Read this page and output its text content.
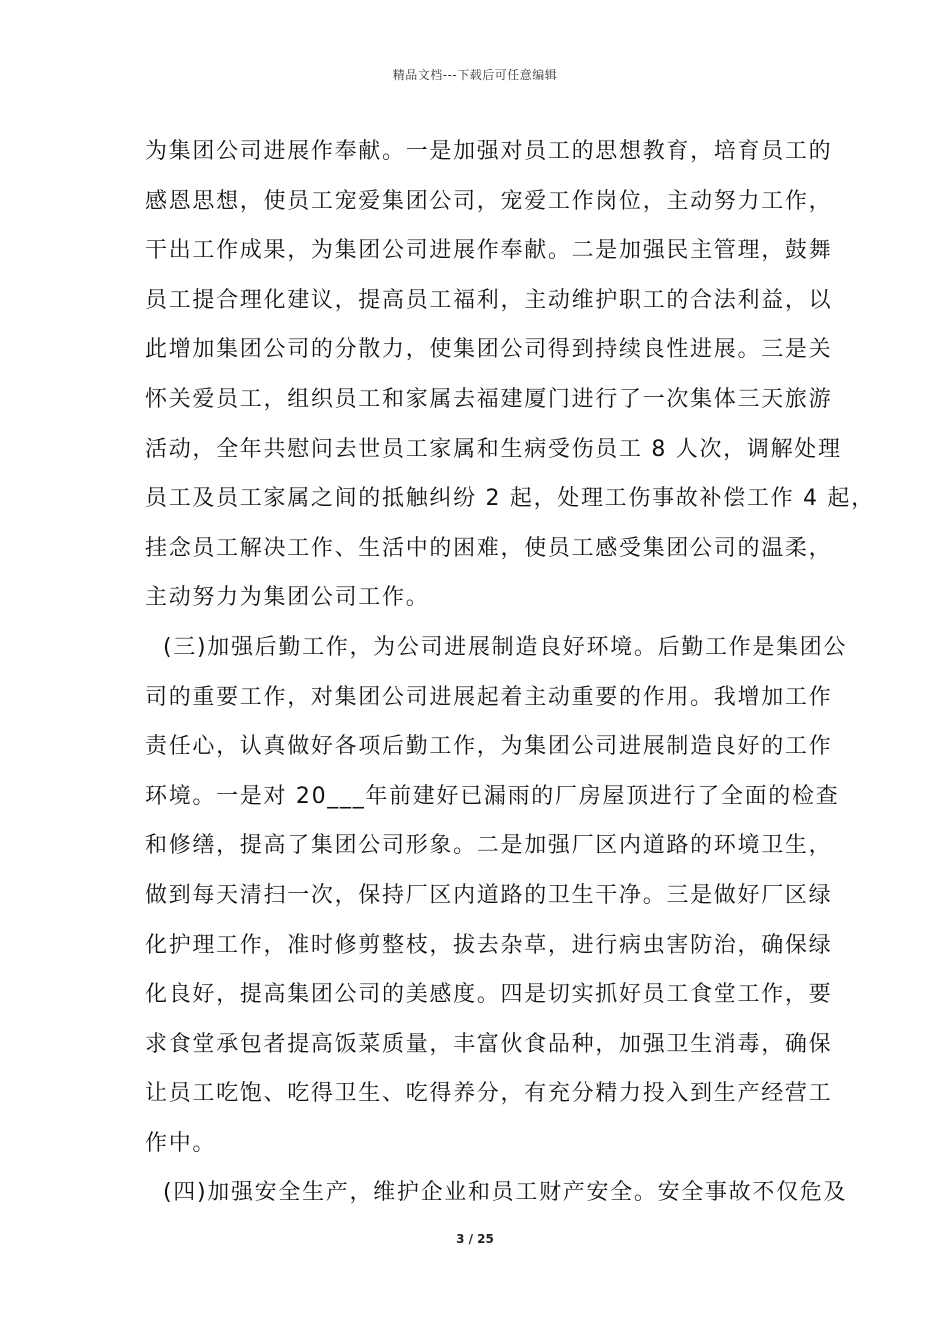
精品文档---下载后可任意编辑
为集团公司进展作奉献。一是加强对员工的思想教育，培育员工的
感恩思想，使员工宠爱集团公司，宠爱工作岗位，主动努力工作，
干出工作成果，为集团公司进展作奉献。二是加强民主管理，鼓舞
员工提合理化建议，提高员工福利，主动维护职工的合法利益，以
此增加集团公司的分散力，使集团公司得到持续良性进展。三是关
怀关爱员工，组织员工和家属去福建厦门进行了一次集体三天旅游
活动，全年共慰问去世员工家属和生病受伤员工 8 人次，调解处理
员工及员工家属之间的抵触纠纷 2 起，处理工伤事故补偿工作 4 起，
挂念员工解决工作、生活中的困难，使员工感受集团公司的温柔，
主动努力为集团公司工作。
(三)加强后勤工作，为公司进展制造良好环境。后勤工作是集团公
司的重要工作，对集团公司进展起着主动重要的作用。我增加工作
责任心，认真做好各项后勤工作，为集团公司进展制造良好的工作
环境。一是对 20___年前建好已漏雨的厂房屋顶进行了全面的检查
和修缮，提高了集团公司形象。二是加强厂区内道路的环境卫生，
做到每天清扫一次，保持厂区内道路的卫生干净。三是做好厂区绿
化护理工作，准时修剪整枝，拔去杂草，进行病虫害防治，确保绿
化良好，提高集团公司的美感度。四是切实抓好员工食堂工作，要
求食堂承包者提高饭菜质量，丰富伙食品种，加强卫生消毒，确保
让员工吃饱、吃得卫生、吃得养分，有充分精力投入到生产经营工
作中。
(四)加强安全生产，维护企业和员工财产安全。安全事故不仅危及
3 / 25
